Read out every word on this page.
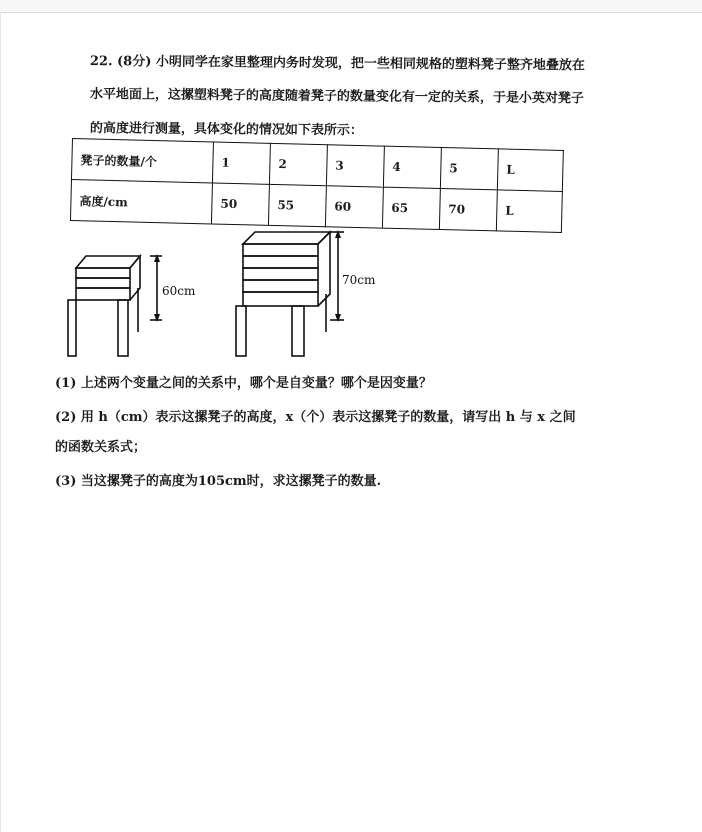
22. (8分) 小明同学在家里整理内务时发现，把一些相同规格的塑料凳子整齐地叠放在
水平地面上，这摞塑料凳子的高度随着凳子的数量变化有一定的关系，于是小英对凳子
的高度进行测量，具体变化的情况如下表所示：
凳子的数量/个	1	2	3	4	5	L
高度/cm	50	55	60	65	70	L
60cm
70cm
(1) 上述两个变量之间的关系中，哪个是自变量？哪个是因变量？
(2) 用 h（cm）表示这摞凳子的高度，x（个）表示这摞凳子的数量，请写出 h 与 x 之间
的函数关系式；
(3) 当这摞凳子的高度为105cm时，求这摞凳子的数量.
